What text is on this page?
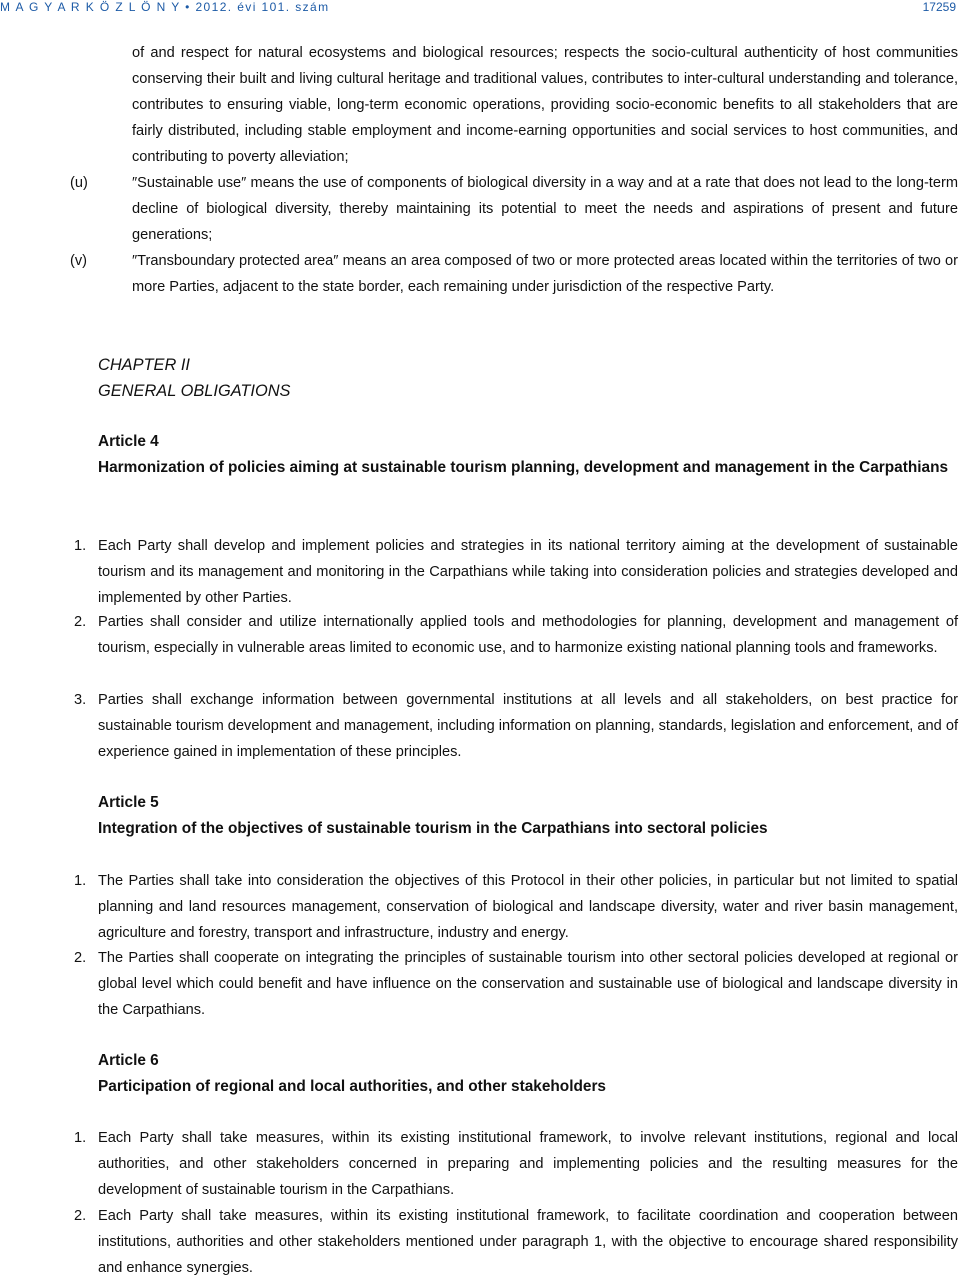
M A G Y A R K Ö Z L Ö N Y • 2012. évi 101. szám	17259
of and respect for natural ecosystems and biological resources; respects the socio-cultural authenticity of host communities conserving their built and living cultural heritage and traditional values, contributes to inter-cultural understanding and tolerance, contributes to ensuring viable, long-term economic operations, providing socio-economic benefits to all stakeholders that are fairly distributed, including stable employment and income-earning opportunities and social services to host communities, and contributing to poverty alleviation;
(u)	″Sustainable use″ means the use of components of biological diversity in a way and at a rate that does not lead to the long-term decline of biological diversity, thereby maintaining its potential to meet the needs and aspirations of present and future generations;
(v)	″Transboundary protected area″ means an area composed of two or more protected areas located within the territories of two or more Parties, adjacent to the state border, each remaining under jurisdiction of the respective Party.
CHAPTER II
GENERAL OBLIGATIONS
Article 4
Harmonization of policies aiming at sustainable tourism planning, development and management in the Carpathians
1. Each Party shall develop and implement policies and strategies in its national territory aiming at the development of sustainable tourism and its management and monitoring in the Carpathians while taking into consideration policies and strategies developed and implemented by other Parties.
2. Parties shall consider and utilize internationally applied tools and methodologies for planning, development and management of tourism, especially in vulnerable areas limited to economic use, and to harmonize existing national planning tools and frameworks.
3. Parties shall exchange information between governmental institutions at all levels and all stakeholders, on best practice for sustainable tourism development and management, including information on planning, standards, legislation and enforcement, and of experience gained in implementation of these principles.
Article 5
Integration of the objectives of sustainable tourism in the Carpathians into sectoral policies
1. The Parties shall take into consideration the objectives of this Protocol in their other policies, in particular but not limited to spatial planning and land resources management, conservation of biological and landscape diversity, water and river basin management, agriculture and forestry, transport and infrastructure, industry and energy.
2. The Parties shall cooperate on integrating the principles of sustainable tourism into other sectoral policies developed at regional or global level which could benefit and have influence on the conservation and sustainable use of biological and landscape diversity in the Carpathians.
Article 6
Participation of regional and local authorities, and other stakeholders
1. Each Party shall take measures, within its existing institutional framework, to involve relevant institutions, regional and local authorities, and other stakeholders concerned in preparing and implementing policies and the resulting measures for the development of sustainable tourism in the Carpathians.
2. Each Party shall take measures, within its existing institutional framework, to facilitate coordination and cooperation between institutions, authorities and other stakeholders mentioned under paragraph 1, with the objective to encourage shared responsibility and enhance synergies.
